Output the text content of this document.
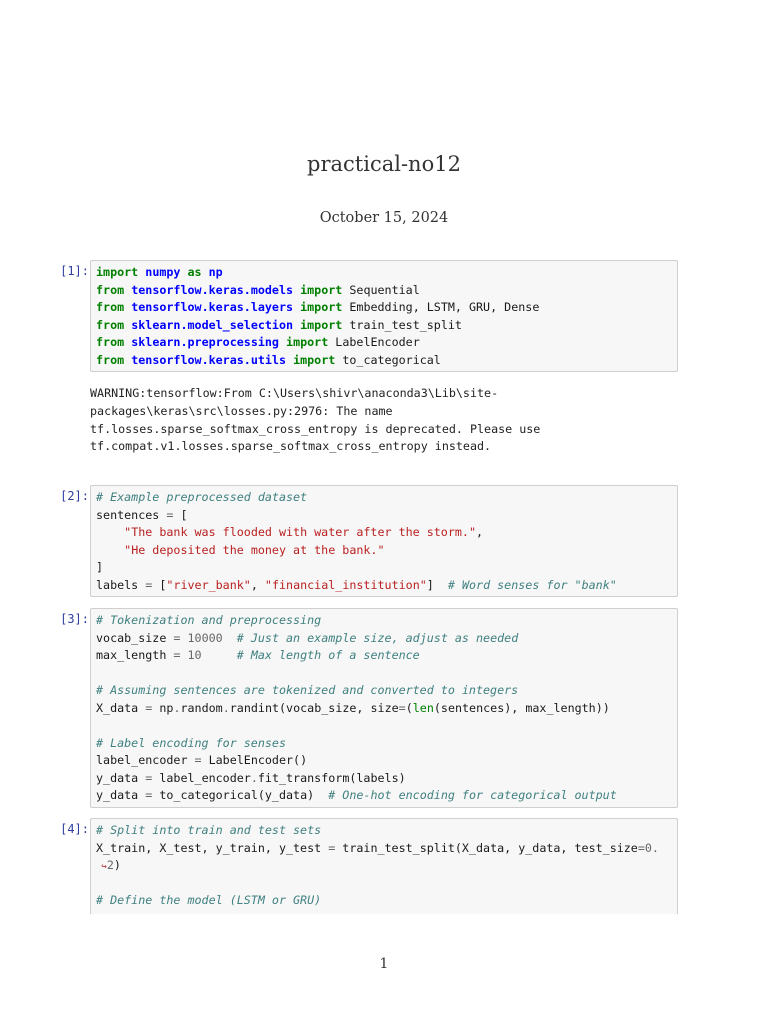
practical-no12
October 15, 2024
[1]: import numpy as np
from tensorflow.keras.models import Sequential
from tensorflow.keras.layers import Embedding, LSTM, GRU, Dense
from sklearn.model_selection import train_test_split
from sklearn.preprocessing import LabelEncoder
from tensorflow.keras.utils import to_categorical
WARNING:tensorflow:From C:\Users\shivr\anaconda3\Lib\site-
packages\keras\src\losses.py:2976: The name
tf.losses.sparse_softmax_cross_entropy is deprecated. Please use
tf.compat.v1.losses.sparse_softmax_cross_entropy instead.
[2]: # Example preprocessed dataset
sentences = [
"The bank was flooded with water after the storm.",
"He deposited the money at the bank."
]
labels = ["river_bank", "financial_institution"]  # Word senses for "bank"
[3]: # Tokenization and preprocessing
vocab_size = 10000 # Just an example size, adjust as needed
max_length = 10	# Max length of a sentence
# Assuming sentences are tokenized and converted to integers
X_data = np.random.randint(vocab_size, size=(len(sentences), max_length))
# Label encoding for senses
label_encoder = LabelEncoder()
y_data = label_encoder.fit_transform(labels)
y_data = to_categorical(y_data)  # One-hot encoding for categorical output
[4]: # Split into train and test sets
X_train, X_test, y_train, y_test = train_test_split(X_data, y_data, test_size=0.
↪2)
# Define the model (LSTM or GRU)
1
